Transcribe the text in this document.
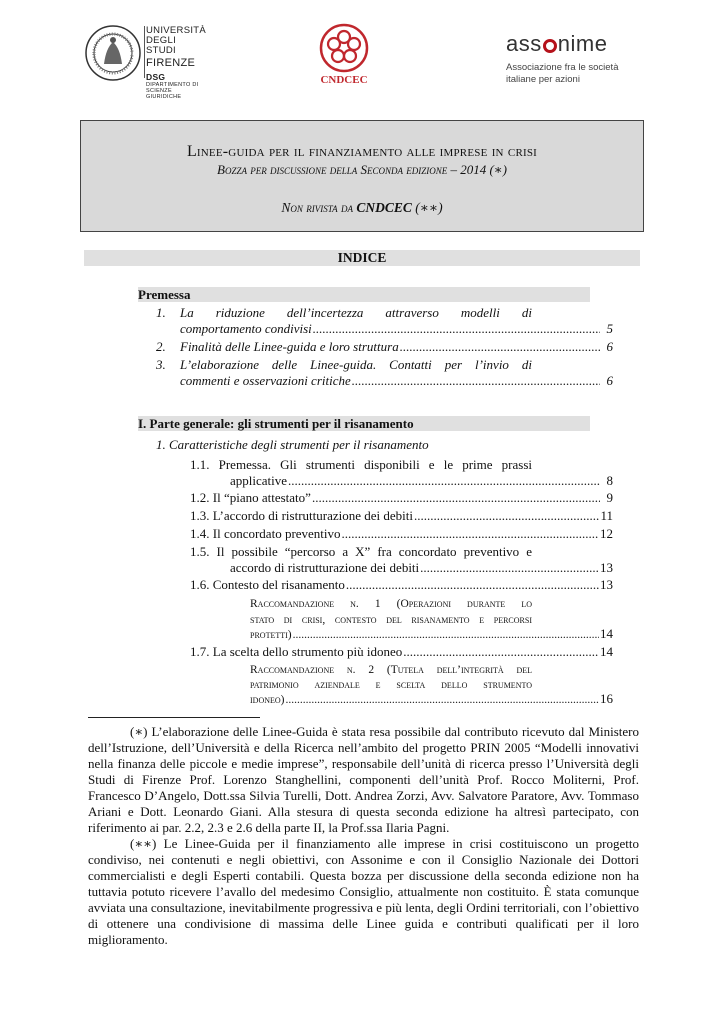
UNIVERSITÀ
DEGLI STUDI
FIRENZE
DSG
DIPARTIMENTO DI
SCIENZE GIURIDICHE
CNDCEC
ass nime
Associazione fra le società
italiane per azioni
Linee-guida per il finanziamento alle imprese in crisi
Bozza per discussione della Seconda edizione – 2014 (∗)
Non rivista da CNDCEC (∗∗)
INDICE
Premessa
1. La riduzione dell’incertezza attraverso modelli di
comportamento condivisi .....	5
2. Finalità delle Linee-guida e loro struttura .....	6
3. L’elaborazione delle Linee-guida. Contatti per l’invio di
commenti e osservazioni critiche .....	6
I. Parte generale: gli strumenti per il risanamento
1. Caratteristiche degli strumenti per il risanamento
1.1. Premessa. Gli strumenti disponibili e le prime prassi
applicative .....	8
1.2. Il “piano attestato” .....	9
1.3. L’accordo di ristrutturazione dei debiti .....	11
1.4. Il concordato preventivo .....	12
1.5. Il possibile “percorso a X” fra concordato preventivo e
accordo di ristrutturazione dei debiti .....	13
1.6. Contesto del risanamento .....	13
Raccomandazione n. 1 (Operazioni durante lo
stato di crisi, contesto del risanamento e percorsi
protetti) .....	14
1.7. La scelta dello strumento più idoneo .....	14
Raccomandazione n. 2 (Tutela dell’integrità del
patrimonio aziendale e scelta dello strumento
idoneo) .....	16
(∗) L’elaborazione delle Linee-Guida è stata resa possibile dal contributo ricevuto dal Ministero dell’Istruzione, dell’Università e della Ricerca nell’ambito del progetto PRIN 2005 “Modelli innovativi nella finanza delle piccole e medie imprese”, responsabile dell’unità di ricerca presso l’Università degli Studi di Firenze Prof. Lorenzo Stanghellini, componenti dell’unità Prof. Rocco Moliterni, Prof. Francesco D’Angelo, Dott.ssa Silvia Turelli, Dott. Andrea Zorzi, Avv. Salvatore Paratore, Avv. Tommaso Ariani e Dott. Leonardo Giani. Alla stesura di questa seconda edizione ha altresì partecipato, con riferimento ai par. 2.2, 2.3 e 2.6 della parte II, la Prof.ssa Ilaria Pagni.
(∗∗) Le Linee-Guida per il finanziamento alle imprese in crisi costituiscono un progetto condiviso, nei contenuti e negli obiettivi, con Assonime e con il Consiglio Nazionale dei Dottori commercialisti e degli Esperti contabili. Questa bozza per discussione della seconda edizione non ha tuttavia potuto ricevere l’avallo del medesimo Consiglio, attualmente non costituito. È stata comunque avviata una consultazione, inevitabilmente progressiva e più lenta, degli Ordini territoriali, con l’obiettivo di ottenere una condivisione di massima delle Linee guida e contributi qualificati per il loro miglioramento.
